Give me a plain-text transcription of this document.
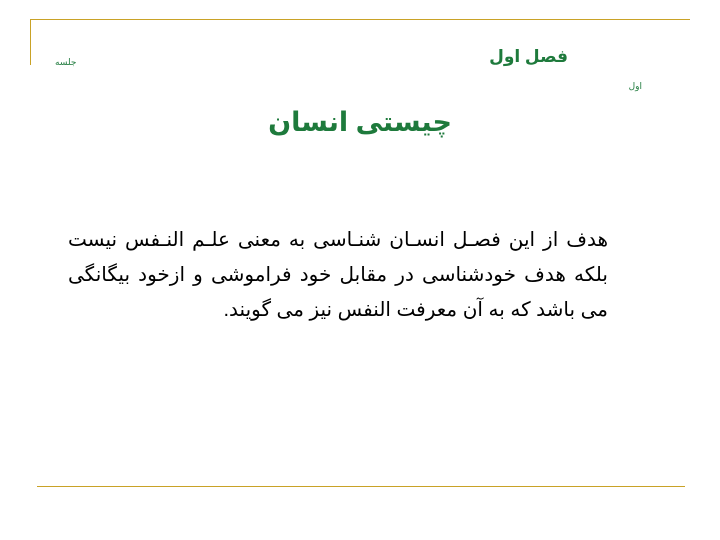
فصل اول
جلسه
اول
چیستی انسان

هدف از این فصـل انسـان شنـاسی به معنی علـم النـفس نیست بلکه هدف خودشناسی در مقابل خود فراموشی و ازخود بیگانگی می باشد که به آن معرفت النفس نیز می گویند.
